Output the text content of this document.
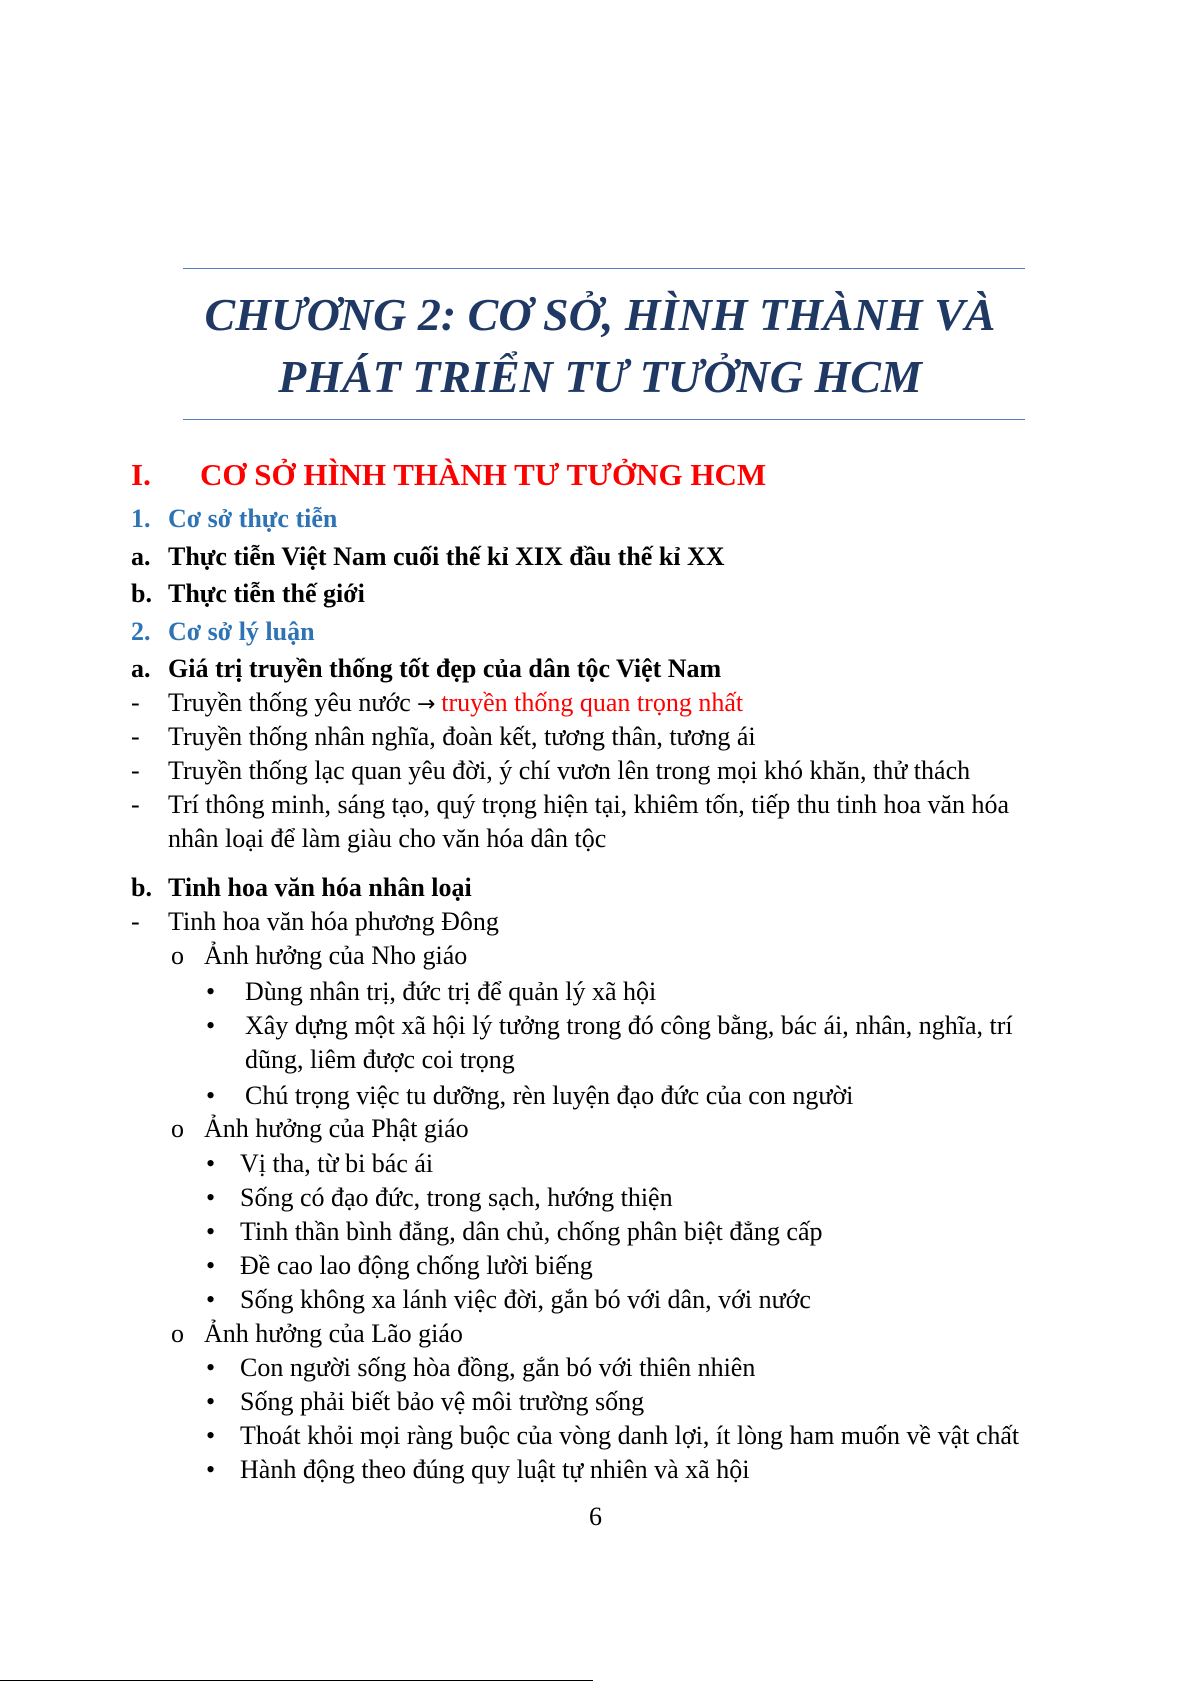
CHƯƠNG 2: CƠ SỞ, HÌNH THÀNH VÀ
PHÁT TRIỂN TƯ TƯỞNG HCM
I. CƠ SỞ HÌNH THÀNH TƯ TƯỞNG HCM
1. Cơ sở thực tiễn
a. Thực tiễn Việt Nam cuối thế kỉ XIX đầu thế kỉ XX
b. Thực tiễn thế giới
2. Cơ sở lý luận
a. Giá trị truyền thống tốt đẹp của dân tộc Việt Nam
- Truyền thống yêu nước → truyền thống quan trọng nhất
- Truyền thống nhân nghĩa, đoàn kết, tương thân, tương ái
- Truyền thống lạc quan yêu đời, ý chí vươn lên trong mọi khó khăn, thử thách
- Trí thông minh, sáng tạo, quý trọng hiện tại, khiêm tốn, tiếp thu tinh hoa văn hóa
nhân loại để làm giàu cho văn hóa dân tộc
b. Tinh hoa văn hóa nhân loại
- Tinh hoa văn hóa phương Đông
o Ảnh hưởng của Nho giáo
• Dùng nhân trị, đức trị để quản lý xã hội
• Xây dựng một xã hội lý tưởng trong đó công bằng, bác ái, nhân, nghĩa, trí
dũng, liêm được coi trọng
• Chú trọng việc tu dưỡng, rèn luyện đạo đức của con người
o Ảnh hưởng của Phật giáo
• Vị tha, từ bi bác ái
• Sống có đạo đức, trong sạch, hướng thiện
• Tinh thần bình đẳng, dân chủ, chống phân biệt đẳng cấp
• Đề cao lao động chống lười biếng
• Sống không xa lánh việc đời, gắn bó với dân, với nước
o Ảnh hưởng của Lão giáo
• Con người sống hòa đồng, gắn bó với thiên nhiên
• Sống phải biết bảo vệ môi trường sống
• Thoát khỏi mọi ràng buộc của vòng danh lợi, ít lòng ham muốn về vật chất
• Hành động theo đúng quy luật tự nhiên và xã hội
6
